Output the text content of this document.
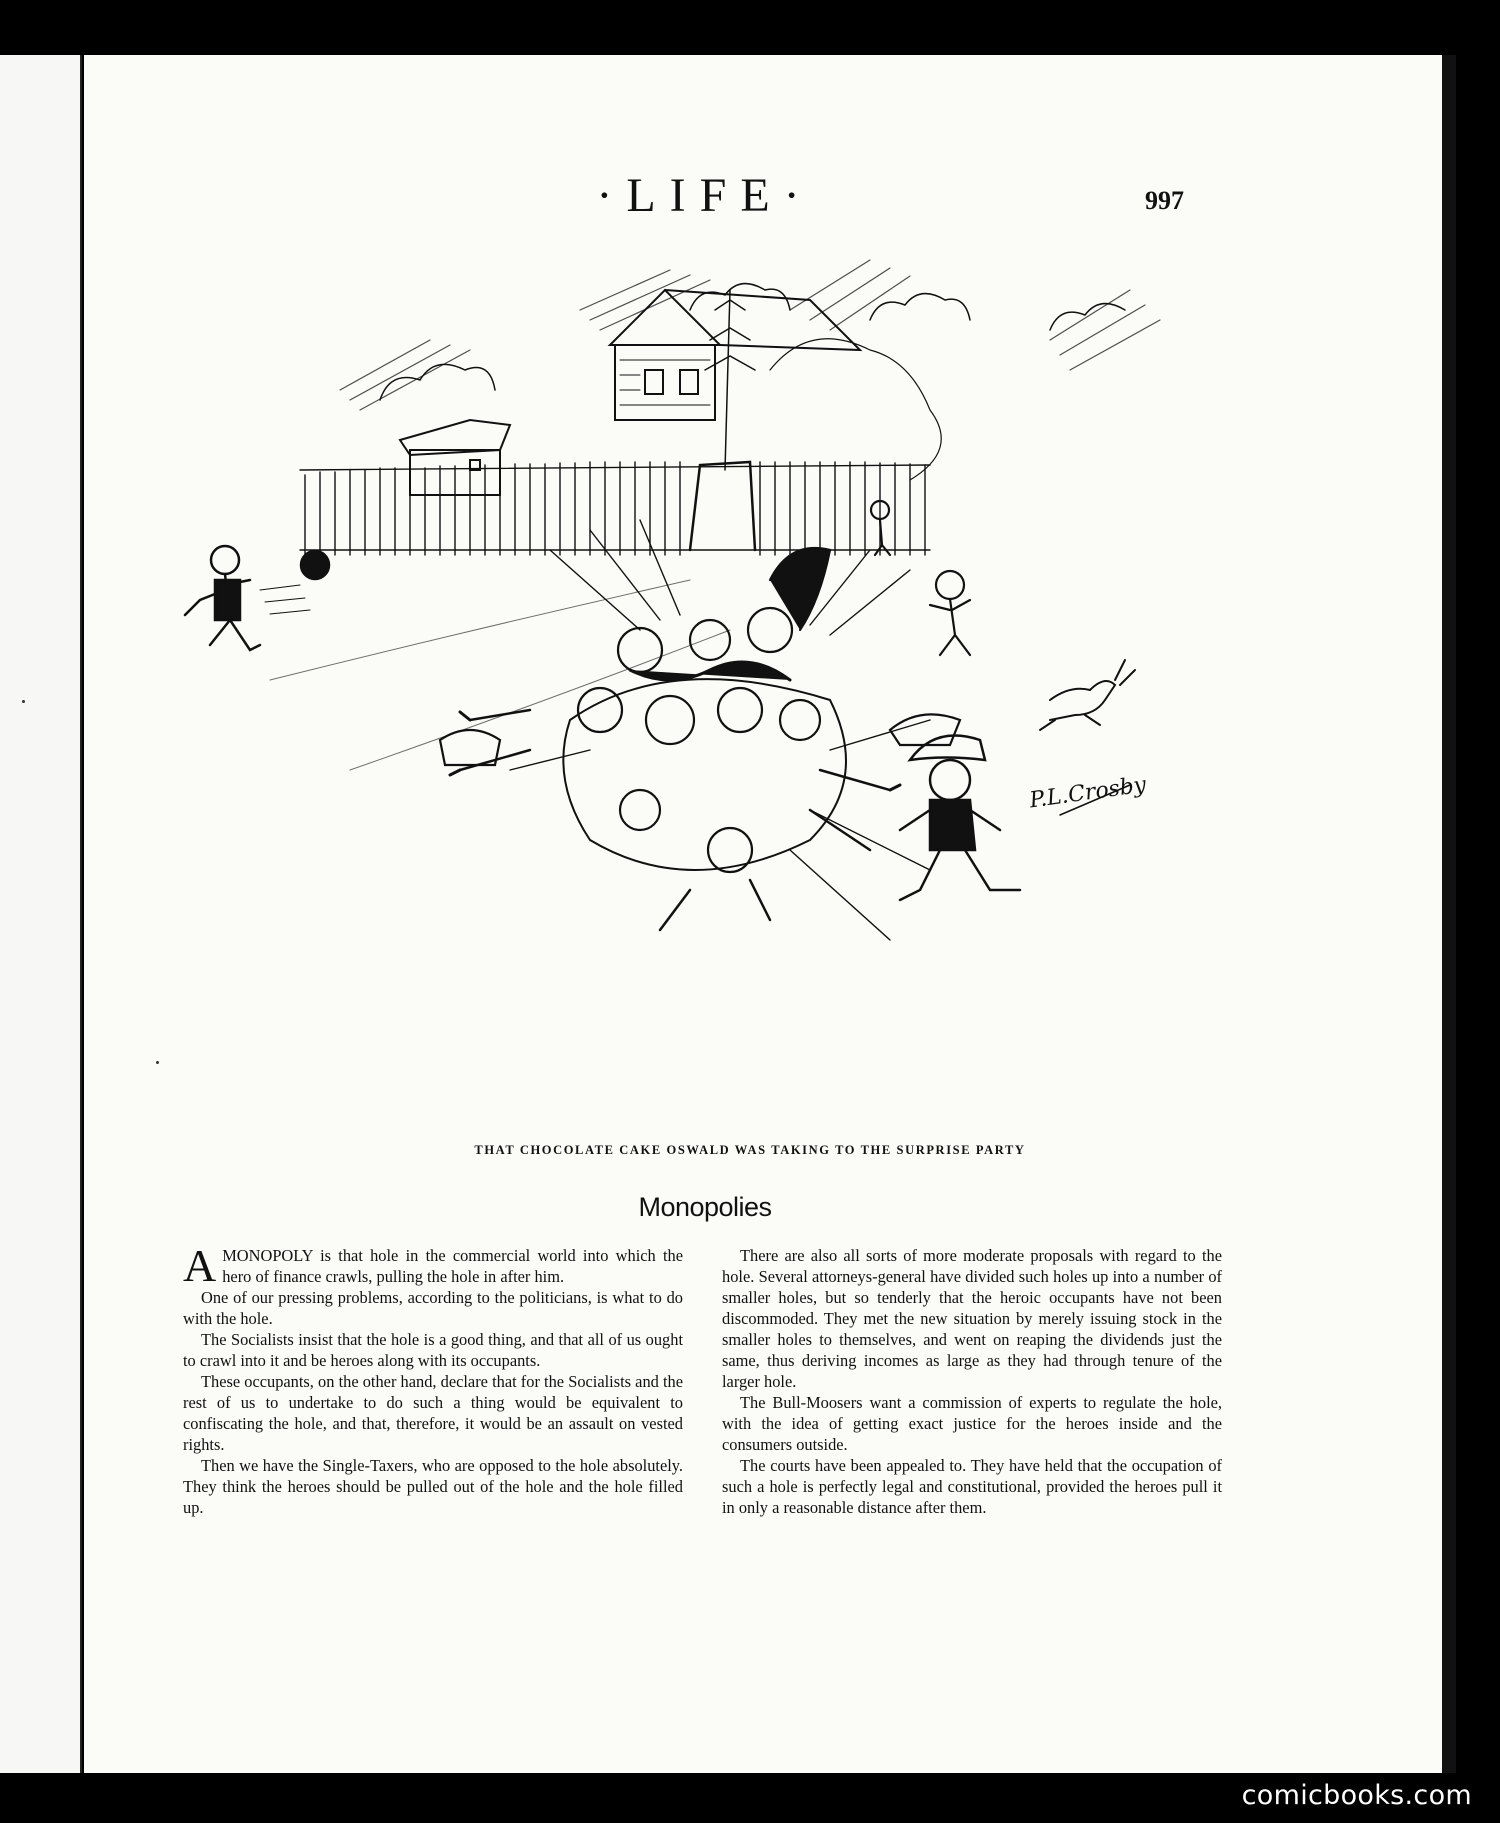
·LIFE·	997
P.L.Crosby
THAT CHOCOLATE CAKE OSWALD WAS TAKING TO THE SURPRISE PARTY
Monopolies

A MONOPOLY is that hole in the commercial world into which the hero of finance crawls, pulling the hole in after him.

One of our pressing problems, according to the politicians, is what to do with the hole.

The Socialists insist that the hole is a good thing, and that all of us ought to crawl into it and be heroes along with its occupants.

These occupants, on the other hand, declare that for the Socialists and the rest of us to undertake to do such a thing would be equivalent to confiscating the hole, and that, therefore, it would be an assault on vested rights.

Then we have the Single-Taxers, who are opposed to the hole absolutely. They think the heroes should be pulled out of the hole and the hole filled up.

There are also all sorts of more moderate proposals with regard to the hole. Several attorneys-general have divided such holes up into a number of smaller holes, but so tenderly that the heroic occupants have not been discommoded. They met the new situation by merely issuing stock in the smaller holes to themselves, and went on reaping the dividends just the same, thus deriving incomes as large as they had through tenure of the larger hole.

The Bull-Moosers want a commission of experts to regulate the hole, with the idea of getting exact justice for the heroes inside and the consumers outside.

The courts have been appealed to. They have held that the occupation of such a hole is perfectly legal and constitutional, provided the heroes pull it in only a reasonable distance after them.

comicbooks.com
